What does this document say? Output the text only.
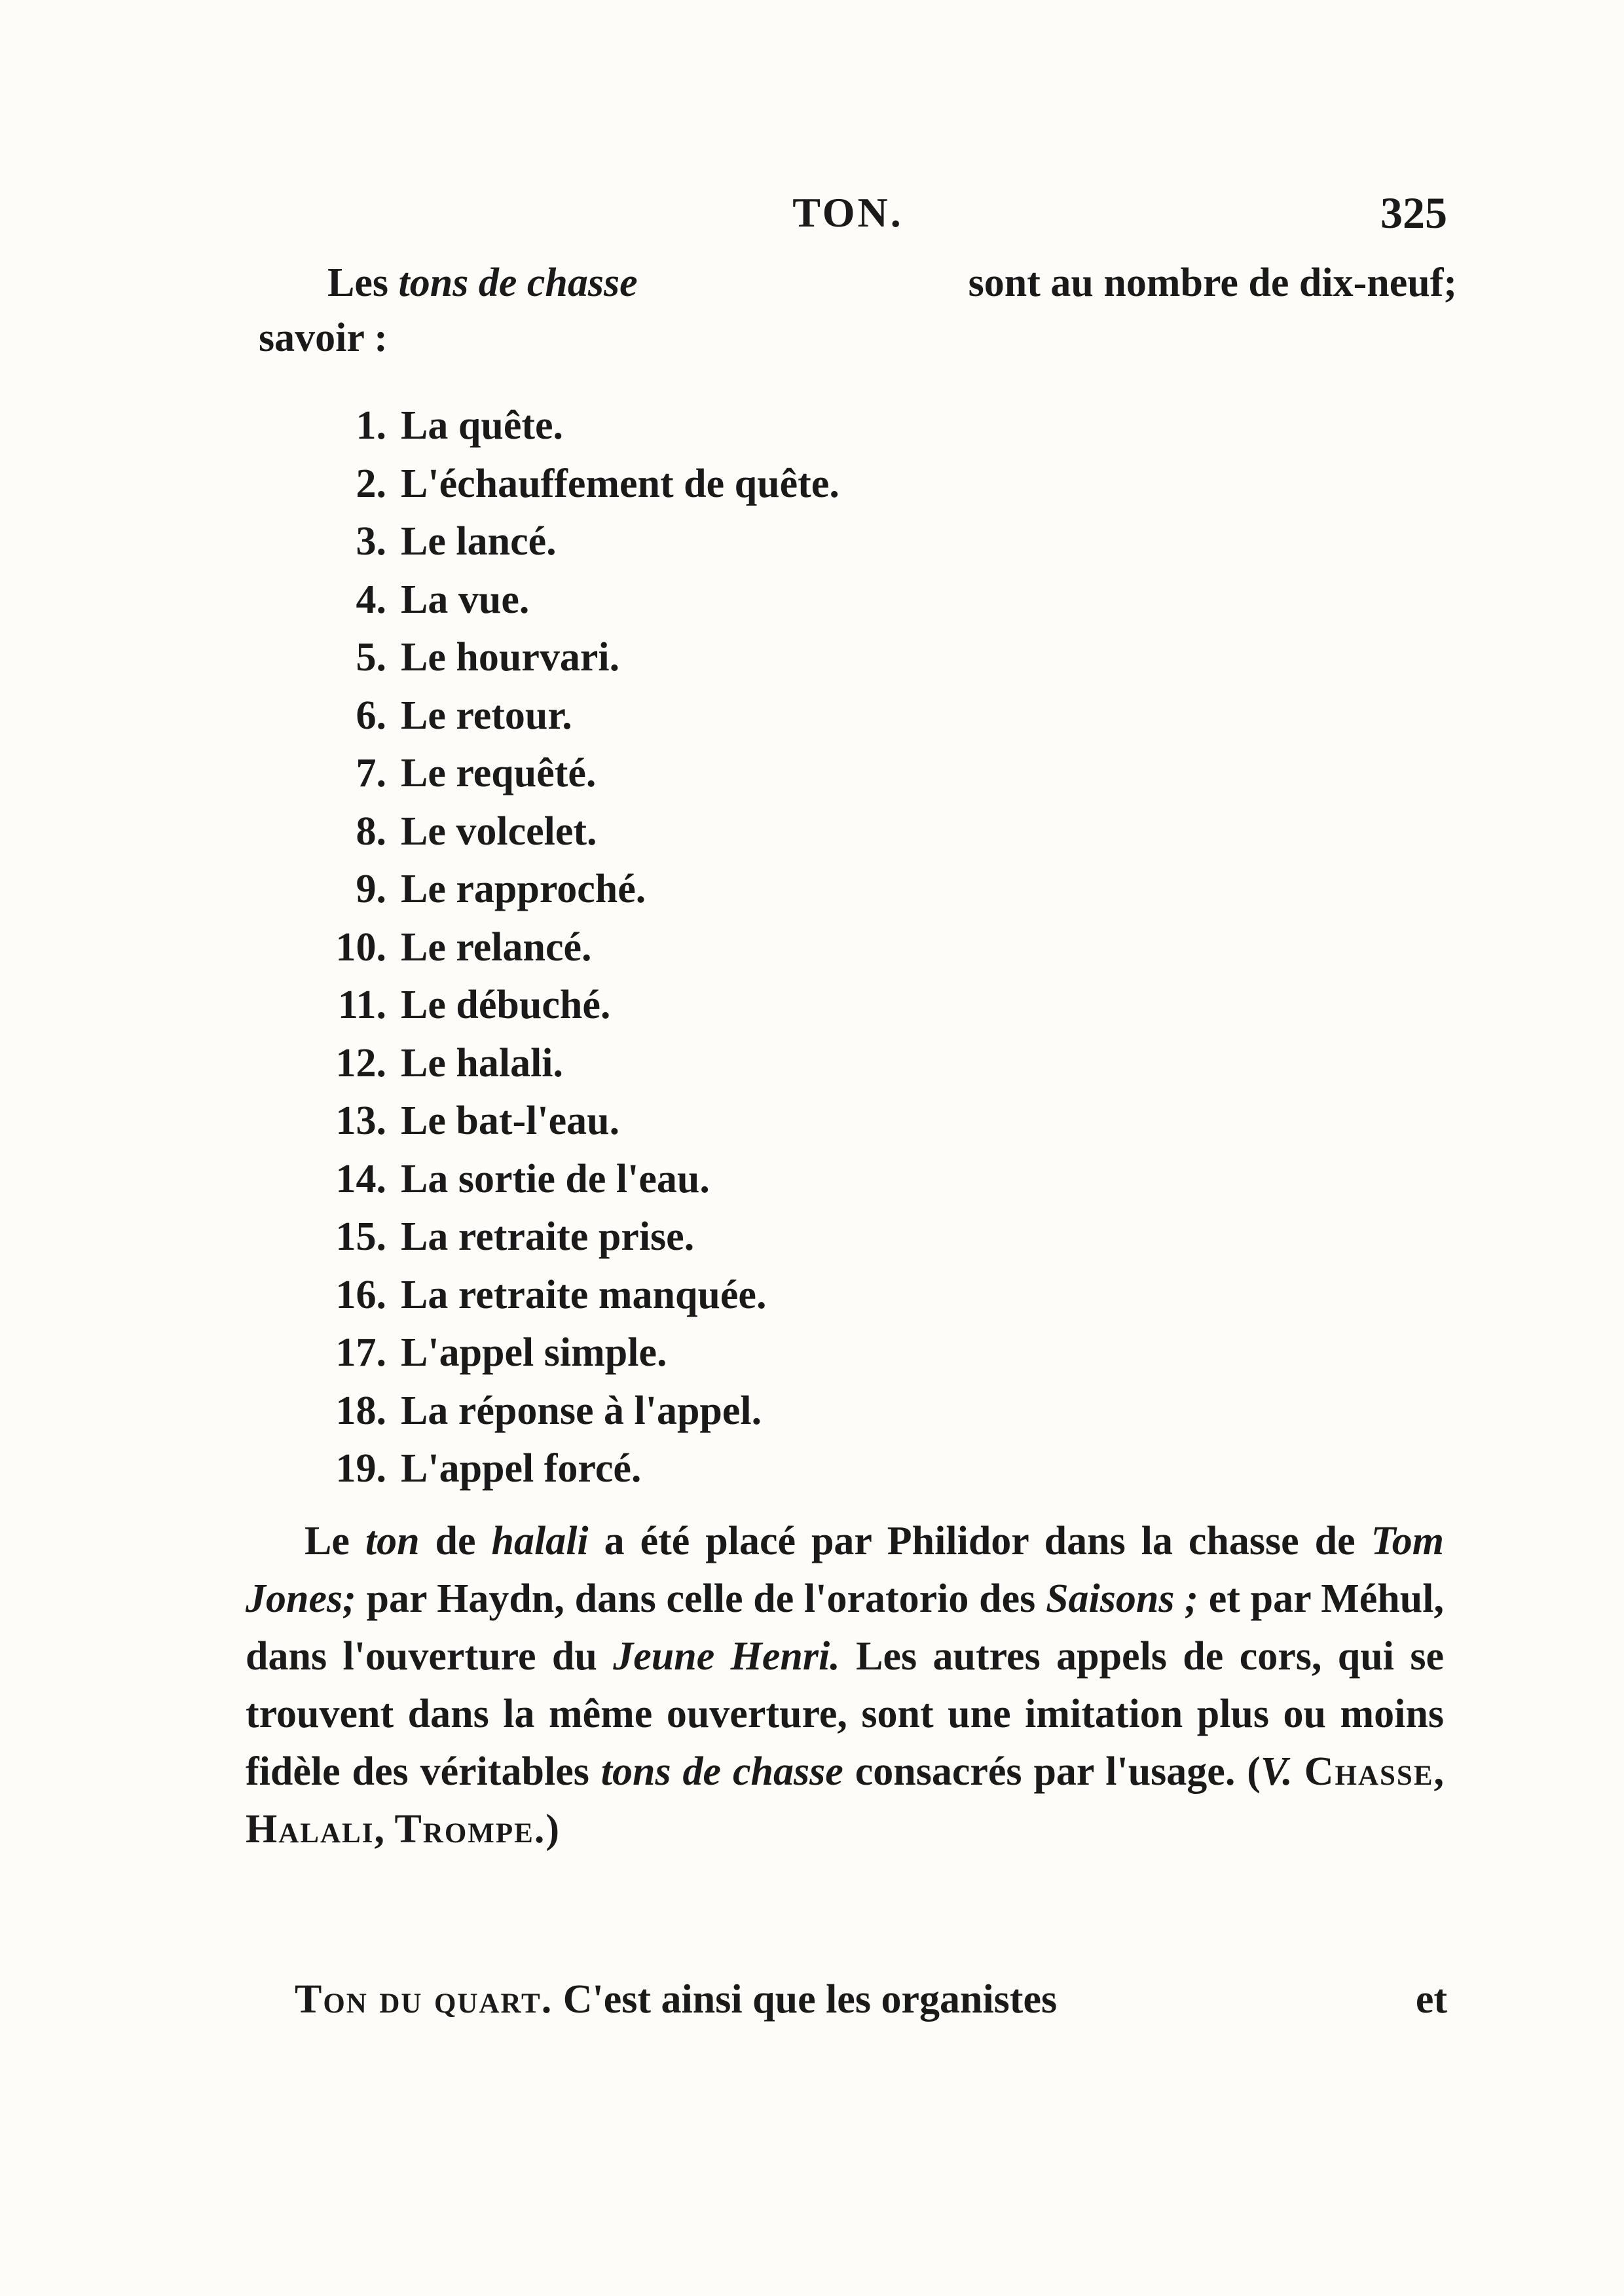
TON.	325
Les tons de chasse	sont au nombre de dix-neuf;
savoir :
1. La quête.
2. L'échauffement de quête.
3. Le lancé.
4. La vue.
5. Le hourvari.
6. Le retour.
7. Le requêté.
8. Le volcelet.
9. Le rapproché.
10. Le relancé.
11. Le débuché.
12. Le halali.
13. Le bat-l'eau.
14. La sortie de l'eau.
15. La retraite prise.
16. La retraite manquée.
17. L'appel simple.
18. La réponse à l'appel.
19. L'appel forcé.

Le ton de halali a été placé par Philidor dans la chasse de Tom Jones; par Haydn, dans celle de l'oratorio des Saisons ; et par Méhul, dans l'ouverture du Jeune Henri. Les autres appels de cors, qui se trouvent dans la même ouverture, sont une imitation plus ou moins fidèle des véritables tons de chasse consacrés par l'usage. (V. Chasse, Halali, Trompe.)

Ton du quart. C'est ainsi que les organistes	et
